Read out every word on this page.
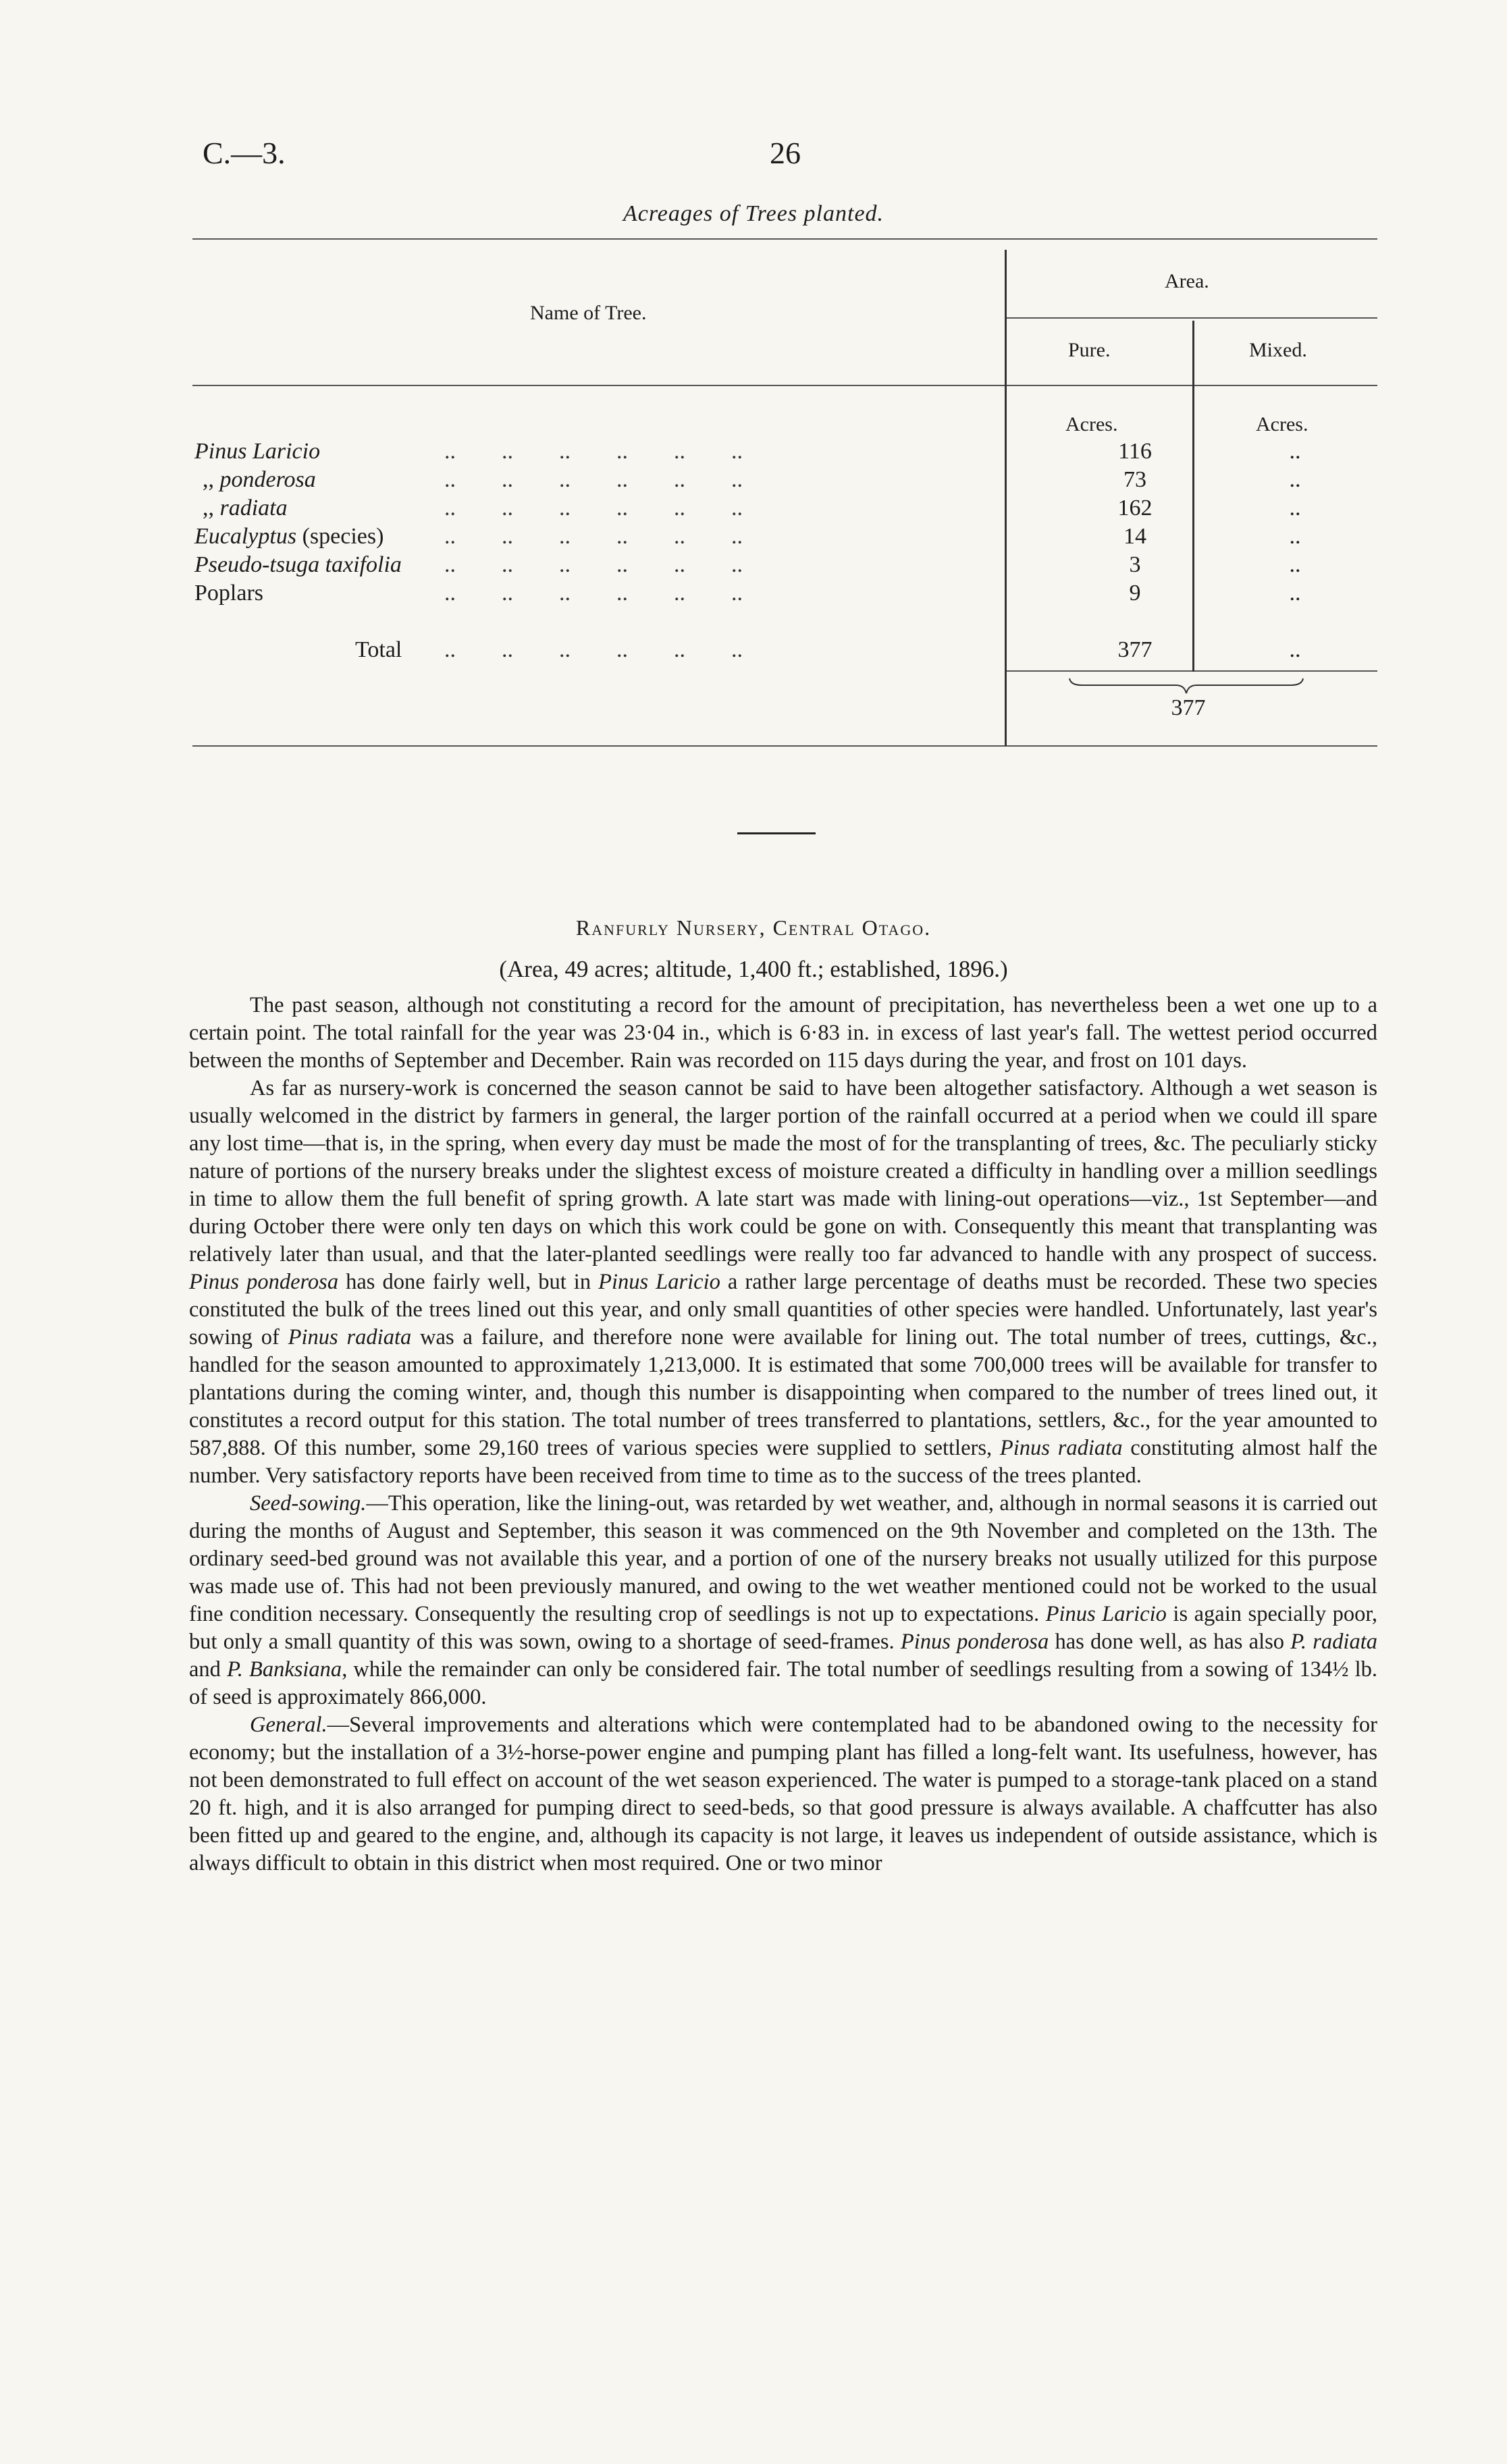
C.—3.	26
Acreages of Trees planted.
Name of Tree.
Area.
Pure.	Mixed.
Acres.	Acres.
Pinus Laricio	..        ..        ..        ..        ..        ..	116	..
,, ponderosa	..        ..        ..        ..        ..        ..	73	..
,, radiata	..        ..        ..        ..        ..        ..	162	..
Eucalyptus (species)	..        ..        ..        ..        ..        ..	14	..
Pseudo-tsuga taxifolia ..        ..        ..        ..        ..        ..	3	..
Poplars	..        ..        ..        ..        ..        ..	9	..
Total ..        ..        ..        ..        ..        ..	377	..
377
Ranfurly Nursery, Central Otago.
(Area, 49 acres; altitude, 1,400 ft.; established, 1896.)

The past season, although not constituting a record for the amount of precipitation, has nevertheless been a wet one up to a certain point. The total rainfall for the year was 23·04 in., which is 6·83 in. in excess of last year's fall. The wettest period occurred between the months of September and December. Rain was recorded on 115 days during the year, and frost on 101 days.

As far as nursery-work is concerned the season cannot be said to have been altogether satisfactory. Although a wet season is usually welcomed in the district by farmers in general, the larger portion of the rainfall occurred at a period when we could ill spare any lost time—that is, in the spring, when every day must be made the most of for the transplanting of trees, &c. The peculiarly sticky nature of portions of the nursery breaks under the slightest excess of moisture created a difficulty in handling over a million seedlings in time to allow them the full benefit of spring growth. A late start was made with lining-out operations—viz., 1st September—and during October there were only ten days on which this work could be gone on with. Consequently this meant that transplanting was relatively later than usual, and that the later-planted seedlings were really too far advanced to handle with any prospect of success. Pinus ponderosa has done fairly well, but in Pinus Laricio a rather large percentage of deaths must be recorded. These two species constituted the bulk of the trees lined out this year, and only small quantities of other species were handled. Unfortunately, last year's sowing of Pinus radiata was a failure, and therefore none were available for lining out. The total number of trees, cuttings, &c., handled for the season amounted to approximately 1,213,000. It is estimated that some 700,000 trees will be available for transfer to plantations during the coming winter, and, though this number is disappointing when compared to the number of trees lined out, it constitutes a record output for this station. The total number of trees transferred to plantations, settlers, &c., for the year amounted to 587,888. Of this number, some 29,160 trees of various species were supplied to settlers, Pinus radiata constituting almost half the number. Very satisfactory reports have been received from time to time as to the success of the trees planted.

Seed-sowing.—This operation, like the lining-out, was retarded by wet weather, and, although in normal seasons it is carried out during the months of August and September, this season it was commenced on the 9th November and completed on the 13th. The ordinary seed-bed ground was not available this year, and a portion of one of the nursery breaks not usually utilized for this purpose was made use of. This had not been previously manured, and owing to the wet weather mentioned could not be worked to the usual fine condition necessary. Consequently the resulting crop of seedlings is not up to expectations. Pinus Laricio is again specially poor, but only a small quantity of this was sown, owing to a shortage of seed-frames. Pinus ponderosa has done well, as has also P. radiata and P. Banksiana, while the remainder can only be considered fair. The total number of seedlings resulting from a sowing of 134½ lb. of seed is approximately 866,000.

General.—Several improvements and alterations which were contemplated had to be abandoned owing to the necessity for economy; but the installation of a 3½-horse-power engine and pumping plant has filled a long-felt want. Its usefulness, however, has not been demonstrated to full effect on account of the wet season experienced. The water is pumped to a storage-tank placed on a stand 20 ft. high, and it is also arranged for pumping direct to seed-beds, so that good pressure is always available. A chaffcutter has also been fitted up and geared to the engine, and, although its capacity is not large, it leaves us independent of outside assistance, which is always difficult to obtain in this district when most required. One or two minor
